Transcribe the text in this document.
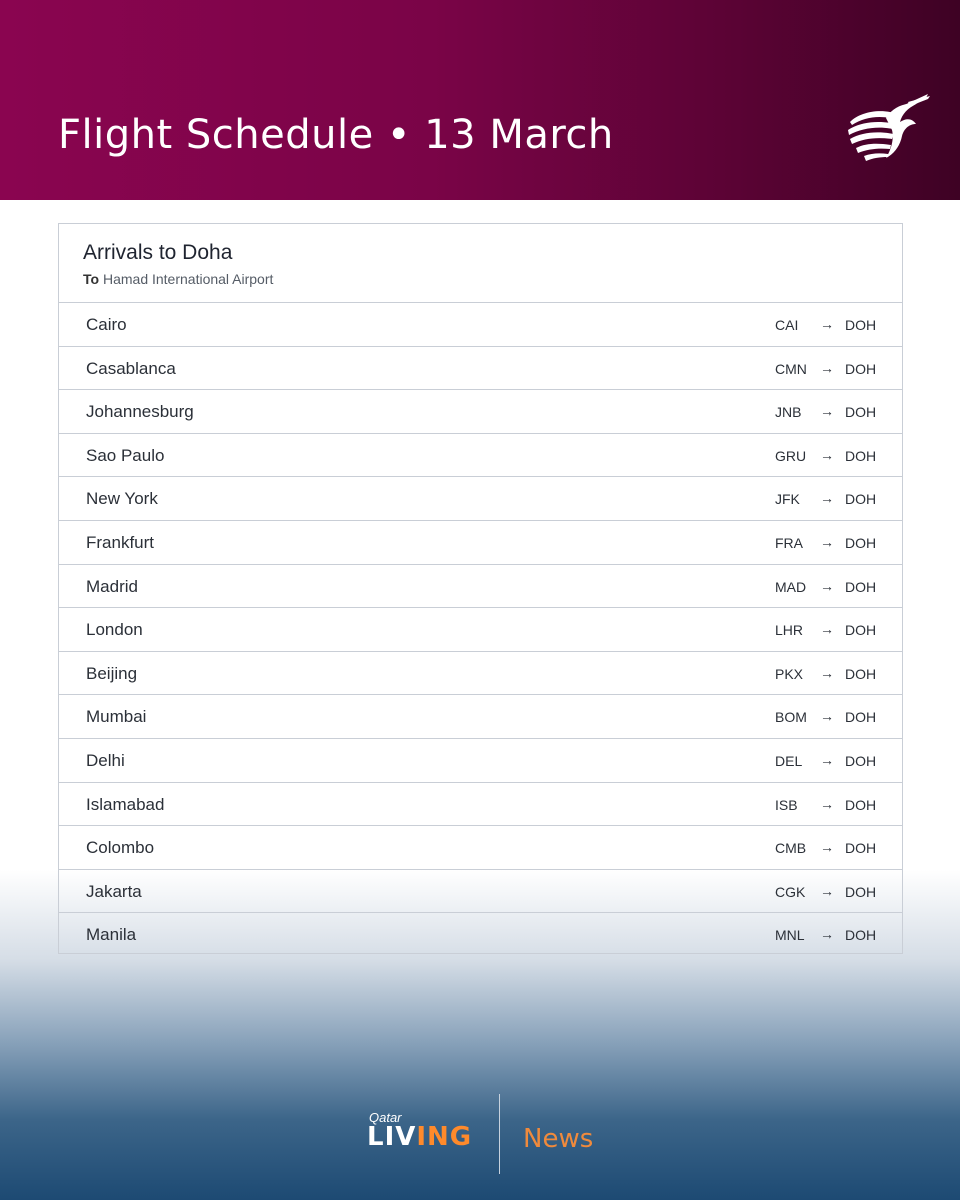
Flight Schedule • 13 March
Arrivals to Doha
To Hamad International Airport
Cairo	CAI → DOH
Casablanca	CMN → DOH
Johannesburg	JNB → DOH
Sao Paulo	GRU → DOH
New York	JFK → DOH
Frankfurt	FRA → DOH
Madrid	MAD → DOH
London	LHR → DOH
Beijing	PKX → DOH
Mumbai	BOM → DOH
Delhi	DEL → DOH
Islamabad	ISB → DOH
Colombo	CMB → DOH
Jakarta	CGK → DOH
Manila	MNL → DOH
Qatar
LIVING News
